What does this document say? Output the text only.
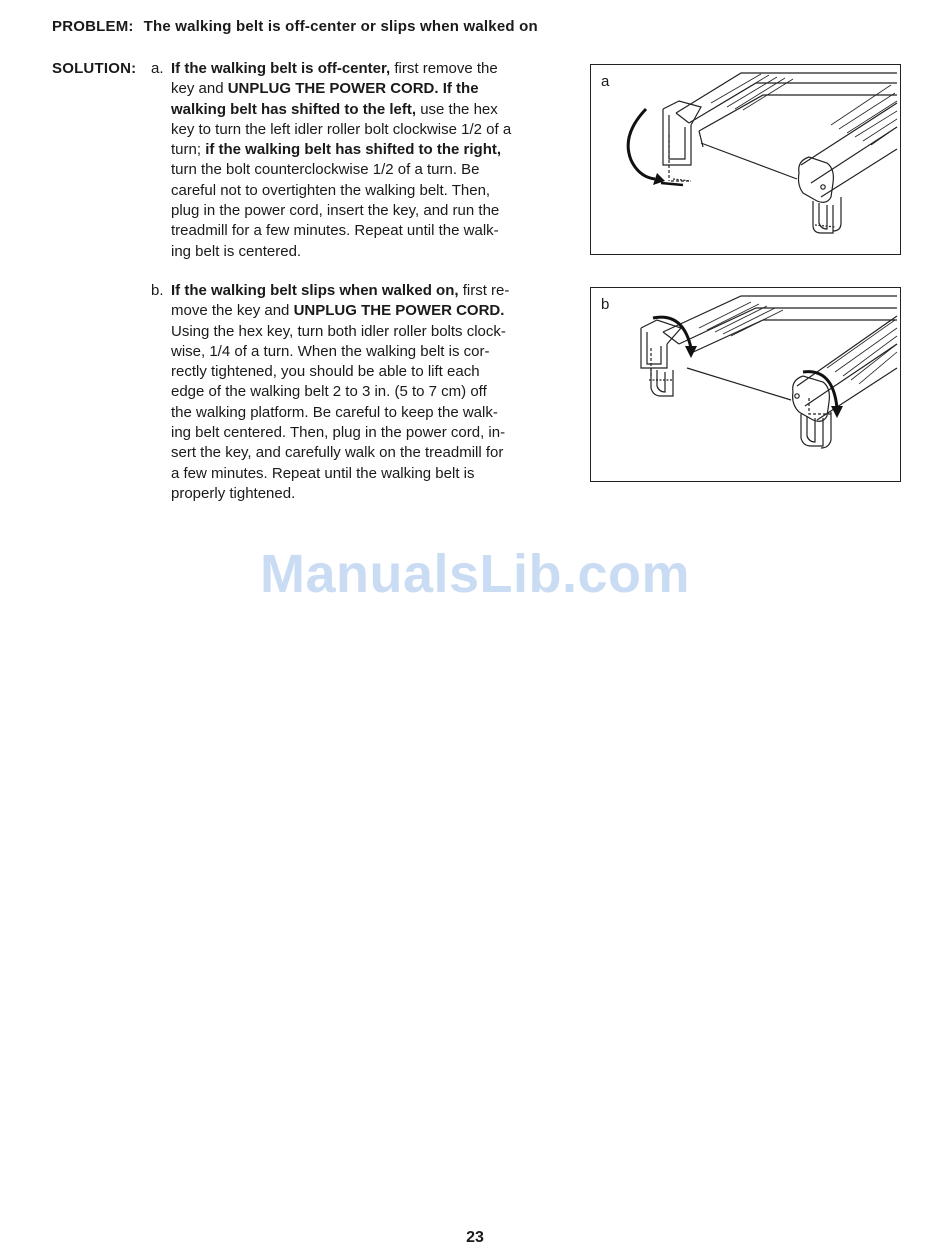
PROBLEM: The walking belt is off-center or slips when walked on
SOLUTION: a. If the walking belt is off-center, first remove the
key and UNPLUG THE POWER CORD. If the
walking belt has shifted to the left, use the hex
key to turn the left idler roller bolt clockwise 1/2 of a
turn; if the walking belt has shifted to the right,
turn the bolt counterclockwise 1/2 of a turn. Be
careful not to overtighten the walking belt. Then,
plug in the power cord, insert the key, and run the
treadmill for a few minutes. Repeat until the walk-
ing belt is centered.
b. If the walking belt slips when walked on, first re-
move the key and UNPLUG THE POWER CORD.
Using the hex key, turn both idler roller bolts clock-
wise, 1/4 of a turn. When the walking belt is cor-
rectly tightened, you should be able to lift each
edge of the walking belt 2 to 3 in. (5 to 7 cm) off
the walking platform. Be careful to keep the walk-
ing belt centered. Then, plug in the power cord, in-
sert the key, and carefully walk on the treadmill for
a few minutes. Repeat until the walking belt is
properly tightened.
a
b
ManualsLib.com
23
